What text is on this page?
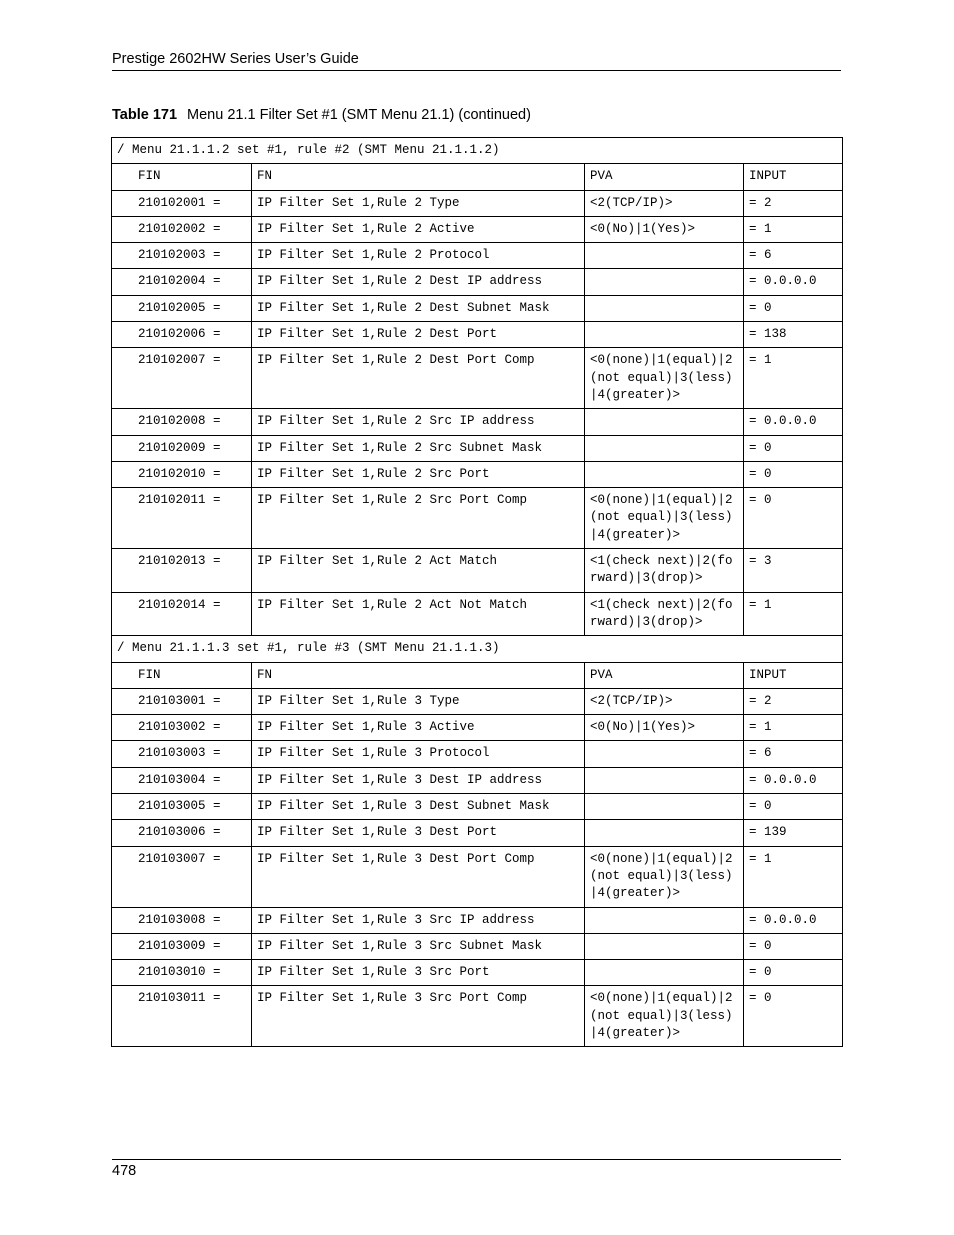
Prestige 2602HW Series User’s Guide
Table 171 Menu 21.1 Filter Set #1 (SMT Menu 21.1) (continued)
/ Menu 21.1.1.2 set #1, rule #2 (SMT Menu 21.1.1.2)			
FIN	FN	PVA	INPUT
210102001 =	IP Filter Set 1,Rule 2 Type	<2(TCP/IP)>	= 2
210102002 =	IP Filter Set 1,Rule 2 Active	<0(No)|1(Yes)>	= 1
210102003 =	IP Filter Set 1,Rule 2 Protocol		= 6
210102004 =	IP Filter Set 1,Rule 2 Dest IP address		= 0.0.0.0
210102005 =	IP Filter Set 1,Rule 2 Dest Subnet Mask		= 0
210102006 =	IP Filter Set 1,Rule 2 Dest Port		= 138
210102007 =	IP Filter Set 1,Rule 2 Dest Port Comp	<0(none)|1(equal)|2(not equal)|3(less)|4(greater)>	= 1
210102008 =	IP Filter Set 1,Rule 2 Src IP address		= 0.0.0.0
210102009 =	IP Filter Set 1,Rule 2 Src Subnet Mask		= 0
210102010 =	IP Filter Set 1,Rule 2 Src Port		= 0
210102011 =	IP Filter Set 1,Rule 2 Src Port Comp	<0(none)|1(equal)|2(not equal)|3(less)|4(greater)>	= 0
210102013 =	IP Filter Set 1,Rule 2 Act Match	<1(check next)|2(forward)|3(drop)>	= 3
210102014 =	IP Filter Set 1,Rule 2 Act Not Match	<1(check next)|2(forward)|3(drop)>	= 1
/ Menu 21.1.1.3 set #1, rule #3 (SMT Menu 21.1.1.3)			
FIN	FN	PVA	INPUT
210103001 =	IP Filter Set 1,Rule 3 Type	<2(TCP/IP)>	= 2
210103002 =	IP Filter Set 1,Rule 3 Active	<0(No)|1(Yes)>	= 1
210103003 =	IP Filter Set 1,Rule 3 Protocol		= 6
210103004 =	IP Filter Set 1,Rule 3 Dest IP address		= 0.0.0.0
210103005 =	IP Filter Set 1,Rule 3 Dest Subnet Mask		= 0
210103006 =	IP Filter Set 1,Rule 3 Dest Port		= 139
210103007 =	IP Filter Set 1,Rule 3 Dest Port Comp	<0(none)|1(equal)|2(not equal)|3(less)|4(greater)>	= 1
210103008 =	IP Filter Set 1,Rule 3 Src IP address		= 0.0.0.0
210103009 =	IP Filter Set 1,Rule 3 Src Subnet Mask		= 0
210103010 =	IP Filter Set 1,Rule 3 Src Port		= 0
210103011 =	IP Filter Set 1,Rule 3 Src Port Comp	<0(none)|1(equal)|2(not equal)|3(less)|4(greater)>	= 0
478
